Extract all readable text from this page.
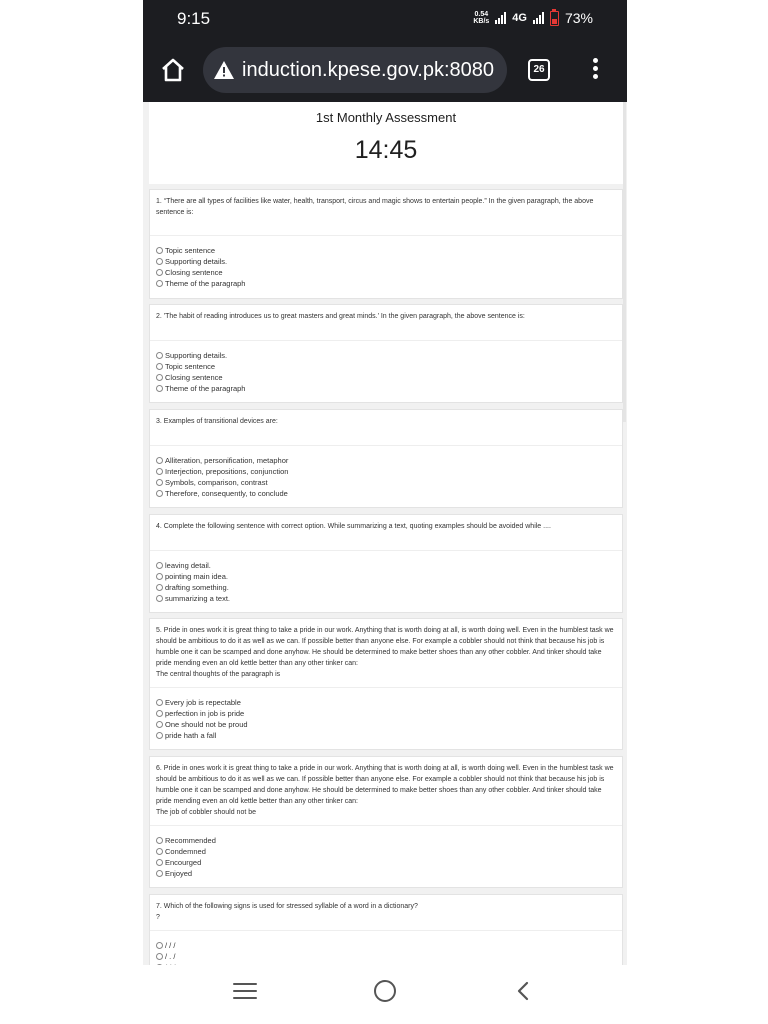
9:15	0.54
KB/s 4G	73%
induction.kpese.gov.pk:8080	26
1st Monthly Assessment
14:45
1. “There are all types of facilities like water, health, transport, circus and magic shows to entertain people.” In the given paragraph, the above sentence is:
Topic sentence
Supporting details.
Closing sentence
Theme of the paragraph
2. 'The habit of reading introduces us to great masters and great minds.' In the given paragraph, the above sentence is:
Supporting details.
Topic sentence
Closing sentence
Theme of the paragraph
3. Examples of transitional devices are:
Alliteration, personification, metaphor
Interjection, prepositions, conjunction
Symbols, comparison, contrast
Therefore, consequently, to conclude
4. Complete the following sentence with correct option. While summarizing a text, quoting examples should be avoided while ....
leaving detail.
pointing main idea.
drafting something.
summarizing a text.
5. Pride in ones work it is great thing to take a pride in our work. Anything that is worth doing at all, is worth doing well. Even in the humblest task we should be ambitious to do it as well as we can. If possible better than anyone else. For example a cobbler should not think that because his job is humble one it can be scamped and done anyhow. He should be determined to make better shoes than any other cobbler. And tinker should take pride mending even an old kettle better than any other tinker can:
The central thoughts of the paragraph is
Every job is repectable
perfection in job is pride
One should not be proud
pride hath a fall
6. Pride in ones work it is great thing to take a pride in our work. Anything that is worth doing at all, is worth doing well. Even in the humblest task we should be ambitious to do it as well as we can. If possible better than anyone else. For example a cobbler should not think that because his job is humble one it can be scamped and done anyhow. He should be determined to make better shoes than any other cobbler. And tinker should take pride mending even an old kettle better than any other tinker can:
The job of cobbler should not be
Recommended
Condemned
Encourged
Enjoyed
7. Which of the following signs is used for stressed syllable of a word in a dictionary?
?
/ / /
/ . /
